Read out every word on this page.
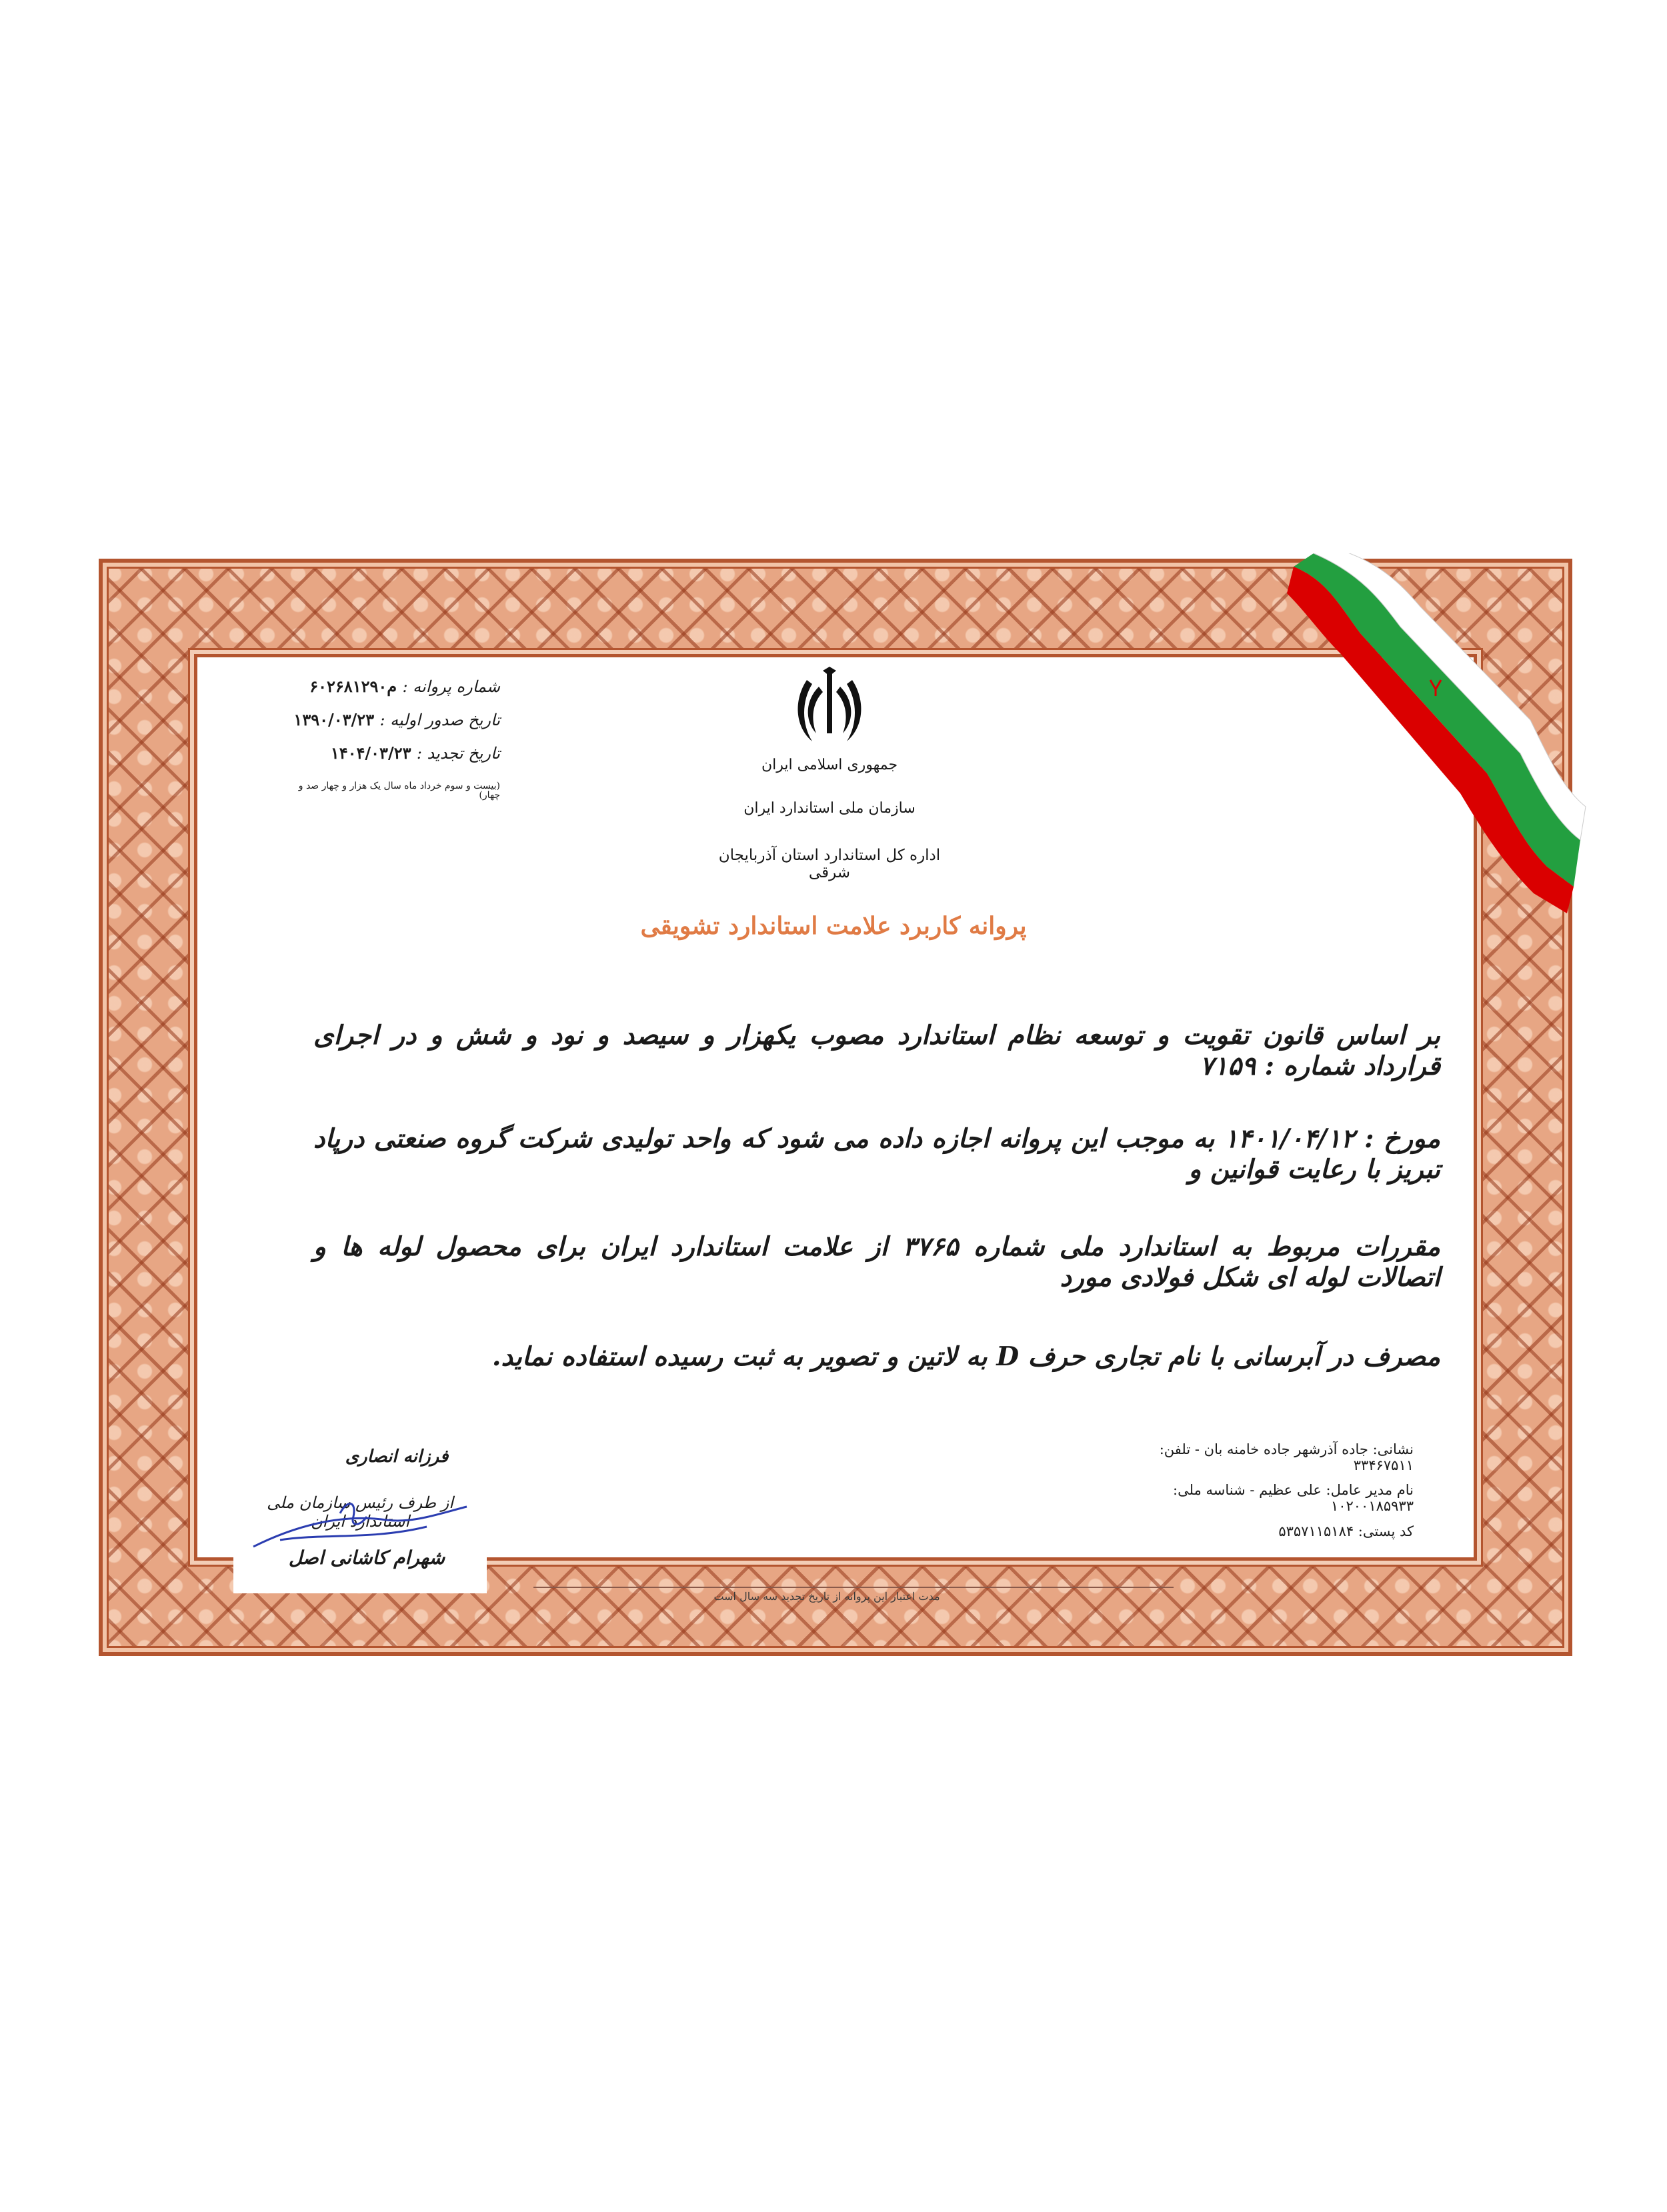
جمهوری اسلامی ایران
سازمان ملی استاندارد ایران
اداره کل استاندارد استان آذربایجان شرقی
پروانه کاربرد علامت استاندارد تشویقی
شماره پروانه : م۶۰۲۶۸۱۲۹۰
تاریخ صدور اولیه : ۱۳۹۰/۰۳/۲۳
تاریخ تجدید : ۱۴۰۴/۰۳/۲۳
(بیست و سوم خرداد ماه سال یک هزار و چهار صد و چهار)
بر اساس قانون تقویت و توسعه نظام استاندارد مصوب یکهزار و سیصد و نود و شش و در اجرای قرارداد شماره : ۷۱۵۹
مورخ : ۱۴۰۱/۰۴/۱۲ به موجب این پروانه اجازه داده می شود که واحد تولیدی شرکت گروه صنعتی درپاد تبریز با رعایت قوانین و
مقررات مربوط به استاندارد ملی شماره ۳۷۶۵ از علامت استاندارد ایران برای محصول لوله ها و اتصالات لوله ای شکل فولادی مورد
مصرف در آبرسانی با نام تجاری حرف D به لاتین و تصویر به ثبت رسیده استفاده نماید.
نشانی: جاده آذرشهر جاده خامنه بان - تلفن: ۳۳۴۶۷۵۱۱
نام مدیر عامل: علی عظیم - شناسه ملی: ۱۰۲۰۰۱۸۵۹۳۳
کد پستی: ۵۳۵۷۱۱۵۱۸۴
فرزانه انصاری
از طرف رئیس سازمان ملی استاندارد ایران
شهرام کاشانی اصل
مدت اعتبار این پروانه از تاریخ تجدید سه سال است
